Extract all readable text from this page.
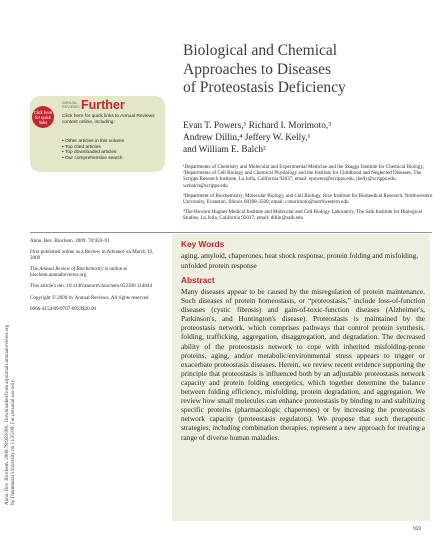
Annu. Rev. Biochem. 2009.78:959-991. Downloaded from arjournals.annualreviews.org by Thammasat University on 11/25/09. For personal use only.
Biological and Chemical
Approaches to Diseases
of Proteostasis Deficiency
Evan T. Powers,¹ Richard I. Morimoto,³
Andrew Dillin,⁴ Jeffery W. Kelly,¹
and William E. Balch²

¹Departments of Chemistry and Molecular and Experimental Medicine and the Skaggs Institute for Chemical Biology, ²Departments of Cell Biology and Chemical Physiology and the Institute for Childhood and Neglected Diseases, The Scripps Research Institute, La Jolla, California 92037; email: epowers@scripps.edu, jkelly@scripps.edu, webalch@scripps.edu

³Department of Biochemistry, Molecular Biology, and Cell Biology, Rice Institute for Biomedical Research, Northwestern University, Evanston, Illinois 60208-3500; email: r-morimoto@northwestern.edu

⁴The Howard Hughes Medical Institute and Molecular and Cell Biology Laboratory, The Salk Institute for Biological Studies, La Jolla, California 92037; email: dillin@salk.edu

Click here for quick links
ANNUAL REVIEWS Further
Click here for quick links to Annual Reviews content online, including:
• Other articles in this volume
• Top cited articles
• Top downloaded articles
• Our comprehensive search

Annu. Rev. Biochem. 2009. 78:959–91

First published online as a Review in Advance on March 19, 2009

The Annual Review of Biochemistry is online at biochem.annualreviews.org

This article's doi: 10.1146/annurev.biochem.052308.114844

Copyright © 2009 by Annual Reviews. All rights reserved

0066-4154/09/0707-0959$20.00

Key Words
aging, amyloid, chaperones, heat shock response, protein folding and misfolding, unfolded protein response
Abstract
Many diseases appear to be caused by the misregulation of protein maintenance. Such diseases of protein homeostasis, or “proteostasis,” include loss-of-function diseases (cystic fibrosis) and gain-of-toxic-function diseases (Alzheimer's, Parkinson's, and Huntington's disease). Proteostasis is maintained by the proteostasis network, which comprises pathways that control protein synthesis, folding, trafficking, aggregation, disaggregation, and degradation. The decreased ability of the proteostasis network to cope with inherited misfolding-prone proteins, aging, and/or metabolic/environmental stress appears to trigger or exacerbate proteostasis diseases. Herein, we review recent evidence supporting the principle that proteostasis is influenced both by an adjustable proteostasis network capacity and protein folding energetics, which together determine the balance between folding efficiency, misfolding, protein degradation, and aggregation. We review how small molecules can enhance proteostasis by binding to and stabilizing specific proteins (pharmacologic chaperones) or by increasing the proteostasis network capacity (proteostasis regulators). We propose that such therapeutic strategies, including combination therapies, represent a new approach for treating a range of diverse human maladies.
959
